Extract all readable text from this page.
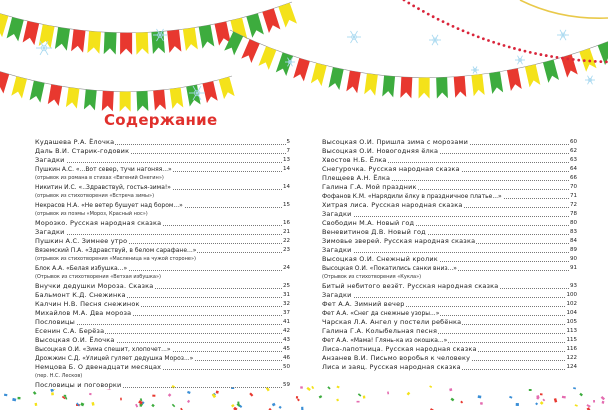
Содержание
Кудашева Р.А. Ёлочка	5
Даль В.И. Старик-годовик	7
Загадки	13
Пушкин А.С. «...Вот север, тучи нагоняя...»	14
(отрывок из романа в стихах «Евгений Онегин»)
Никитин И.С. «..Здравствуй, гостья-зима!»	14
(отрывок из стихотворения «Встреча зимы»)
Некрасов Н.А. «Не ветер бушует над бором...»	15
(отрывок из поэмы «Мороз, Красный нос»)
Морозко. Русская народная сказка	16
Загадки	21
Пушкин А.С. Зимнее утро	22
Вяземский П.А. «Здравствуй, в белом сарафане...»	23
(отрывок из стихотворения «Масленица на чужой стороне»)
Блок А.А. «Белая избушка...»	24
(Отрывок из стихотворения «Ветхая избушка»)
Внучки дедушки Мороза. Сказка	25
Бальмонт К.Д. Снежинка	31
Калчин Н.В. Песня снежинок	32
Михайлов М.А. Два мороза	37
Пословицы	41
Есенин С.А. Берёза	42
Высоцкая О.И. Ёлочка	43
Высоцкая О.И. «Зима спешит, хлопочет...»	45
Дрожжин С.Д. «Улицей гуляет дедушка Мороз...»	46
Немцова Б. О двенадцати месяцах	50
(пер. Н.С. Лесков)
Пословицы и поговорки	59
Высоцкая О.И. Пришла зима с морозами	60
Высоцкая О.И. Новогодняя ёлка	62
Хвостов Н.Б. Ёлка	63
Снегурочка. Русская народная сказка	64
Плещеев А.Н. Ёлка	66
Галина Г.А. Мой праздник	70
Фофанов К.М. «Нарядили ёлку в праздничное платье...»	71
Хитрая лиса. Русская народная сказка	72
Загадки	78
Свободин М.А. Новый год	80
Веневитинов Д.В. Новый год	83
Зимовье зверей. Русская народная сказка	84
Загадки	89
Высоцкая О.И. Снежный кролик	90
Высоцкая О.И. «Покатились санки вниз...»	91
(Отрывок из стихотворения «Кукла»)
Битый небитого везёт. Русская народная сказка	93
Загадки	100
Фет А.А. Зимний вечер	102
Фет А.А. «Снег да снежные узоры...»	104
Чарская Л.А. Ангел у постели ребёнка	105
Галина Г.А. Колыбельная песня	113
Фет А.А. «Мама! Глянь-ка из окошка...»	115
Лиса-лапотница. Русская народная сказка	116
Анзанев В.И. Письмо воробья к человеку	122
Лиса и заяц. Русская народная сказка	124
